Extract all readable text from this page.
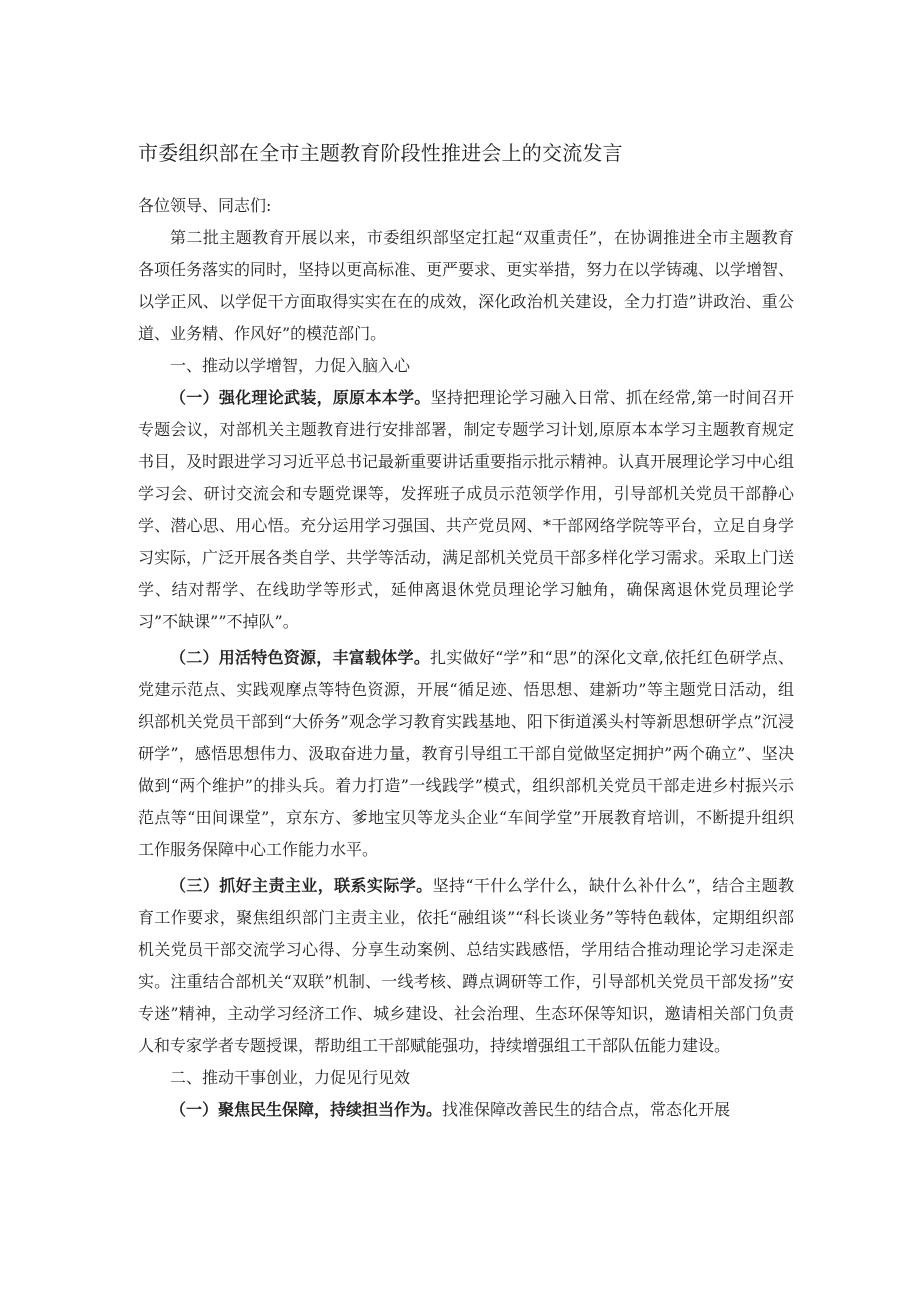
市委组织部在全市主题教育阶段性推进会上的交流发言

各位领导、同志们:

第二批主题教育开展以来，市委组织部坚定扛起“双重责任”，在协调推进全市主题教育各项任务落实的同时，坚持以更高标准、更严要求、更实举措，努力在以学铸魂、以学增智、以学正风、以学促干方面取得实实在在的成效，深化政治机关建设，全力打造”讲政治、重公道、业务精、作风好”的模范部门。

一、推动以学增智，力促入脑入心

（一）强化理论武装，原原本本学。坚持把理论学习融入日常、抓在经常,第一时间召开专题会议，对部机关主题教育进行安排部署，制定专题学习计划,原原本本学习主题教育规定书目，及时跟进学习习近平总书记最新重要讲话重要指示批示精神。认真开展理论学习中心组学习会、研讨交流会和专题党课等，发挥班子成员示范领学作用，引导部机关党员干部静心学、潜心思、用心悟。充分运用学习强国、共产党员网、*干部网络学院等平台，立足自身学习实际，广泛开展各类自学、共学等活动，满足部机关党员干部多样化学习需求。采取上门送学、结对帮学、在线助学等形式，延伸离退休党员理论学习触角，确保离退休党员理论学习”不缺课””不掉队”。

（二）用活特色资源，丰富载体学。扎实做好“学”和“思”的深化文章,依托红色研学点、党建示范点、实践观摩点等特色资源，开展“循足迹、悟思想、建新功”等主题党日活动，组织部机关党员干部到“大侨务”观念学习教育实践基地、阳下街道溪头村等新思想研学点”沉浸研学”，感悟思想伟力、汲取奋进力量，教育引导组工干部自觉做坚定拥护”两个确立”、坚决做到“两个维护”的排头兵。着力打造”一线践学”模式，组织部机关党员干部走进乡村振兴示范点等“田间课堂”，京东方、爹地宝贝等龙头企业“车间学堂”开展教育培训，不断提升组织工作服务保障中心工作能力水平。

（三）抓好主责主业，联系实际学。坚持“干什么学什么，缺什么补什么”，结合主题教育工作要求，聚焦组织部门主责主业，依托“融组谈”“科长谈业务”等特色载体，定期组织部机关党员干部交流学习心得、分享生动案例、总结实践感悟，学用结合推动理论学习走深走实。注重结合部机关“双联”机制、一线考核、蹲点调研等工作，引导部机关党员干部发扬”安专迷”精神，主动学习经济工作、城乡建设、社会治理、生态环保等知识，邀请相关部门负责人和专家学者专题授课，帮助组工干部赋能强功，持续增强组工干部队伍能力建设。

二、推动干事创业，力促见行见效

（一）聚焦民生保障，持续担当作为。找准保障改善民生的结合点，常态化开展
